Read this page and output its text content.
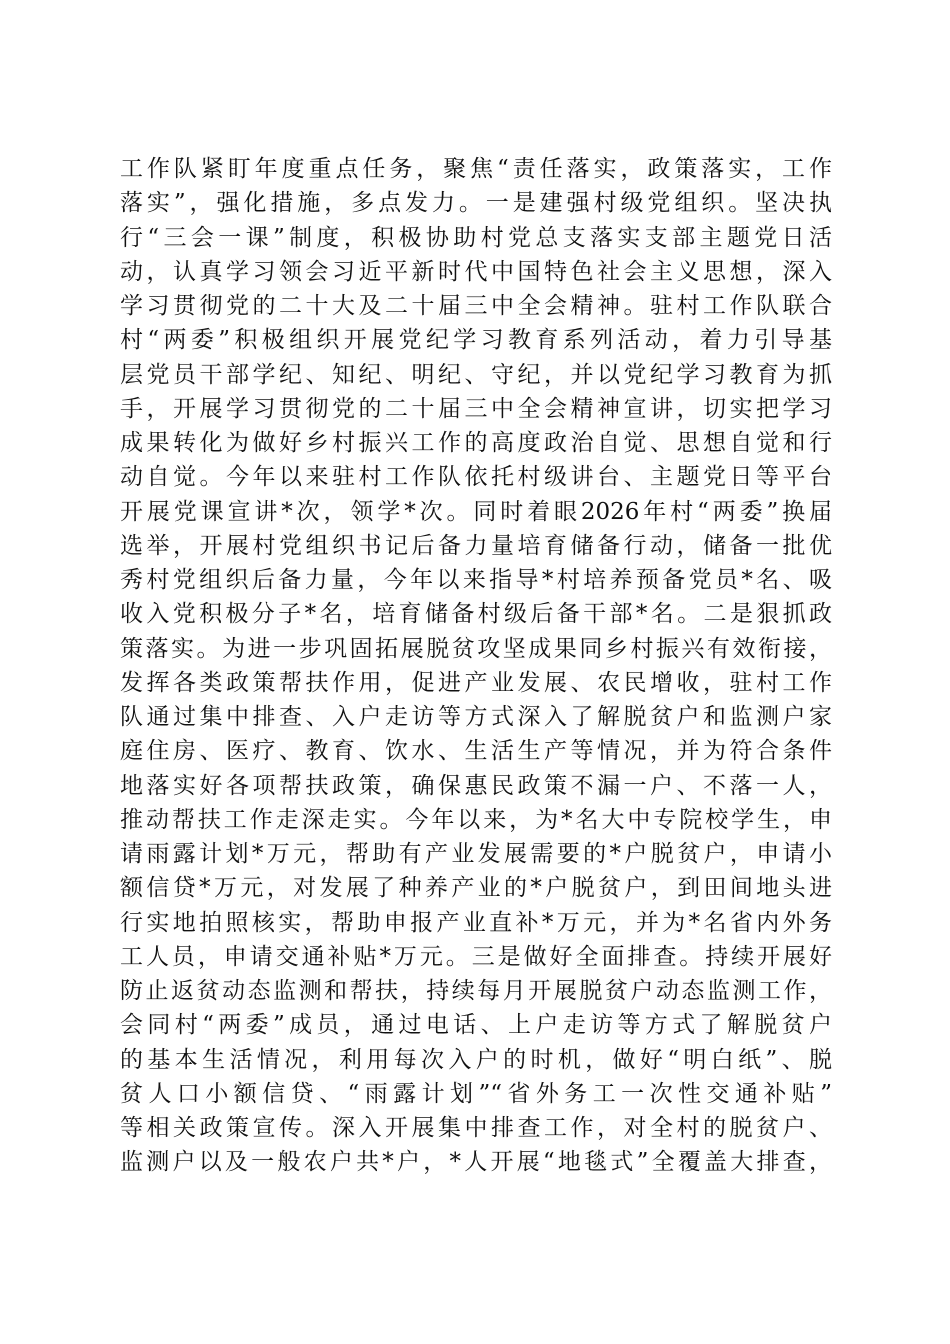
工作队紧盯年度重点任务，聚焦“责任落实，政策落实，工作
落实”，强化措施，多点发力。一是建强村级党组织。坚决执
行“三会一课”制度，积极协助村党总支落实支部主题党日活
动，认真学习领会习近平新时代中国特色社会主义思想，深入
学习贯彻党的二十大及二十届三中全会精神。驻村工作队联合
村“两委”积极组织开展党纪学习教育系列活动，着力引导基
层党员干部学纪、知纪、明纪、守纪，并以党纪学习教育为抓
手，开展学习贯彻党的二十届三中全会精神宣讲，切实把学习
成果转化为做好乡村振兴工作的高度政治自觉、思想自觉和行
动自觉。今年以来驻村工作队依托村级讲台、主题党日等平台
开展党课宣讲*次，领学*次。同时着眼2026年村“两委”换届
选举，开展村党组织书记后备力量培育储备行动，储备一批优
秀村党组织后备力量，今年以来指导*村培养预备党员*名、吸
收入党积极分子*名，培育储备村级后备干部*名。二是狠抓政
策落实。为进一步巩固拓展脱贫攻坚成果同乡村振兴有效衔接，
发挥各类政策帮扶作用，促进产业发展、农民增收，驻村工作
队通过集中排查、入户走访等方式深入了解脱贫户和监测户家
庭住房、医疗、教育、饮水、生活生产等情况，并为符合条件
地落实好各项帮扶政策，确保惠民政策不漏一户、不落一人，
推动帮扶工作走深走实。今年以来，为*名大中专院校学生，申
请雨露计划*万元，帮助有产业发展需要的*户脱贫户，申请小
额信贷*万元，对发展了种养产业的*户脱贫户，到田间地头进
行实地拍照核实，帮助申报产业直补*万元，并为*名省内外务
工人员，申请交通补贴*万元。三是做好全面排查。持续开展好
防止返贫动态监测和帮扶，持续每月开展脱贫户动态监测工作，
会同村“两委”成员，通过电话、上户走访等方式了解脱贫户
的基本生活情况，利用每次入户的时机，做好“明白纸”、脱
贫人口小额信贷、“雨露计划”“省外务工一次性交通补贴”
等相关政策宣传。深入开展集中排查工作，对全村的脱贫户、
监测户以及一般农户共*户，*人开展“地毯式”全覆盖大排查，
